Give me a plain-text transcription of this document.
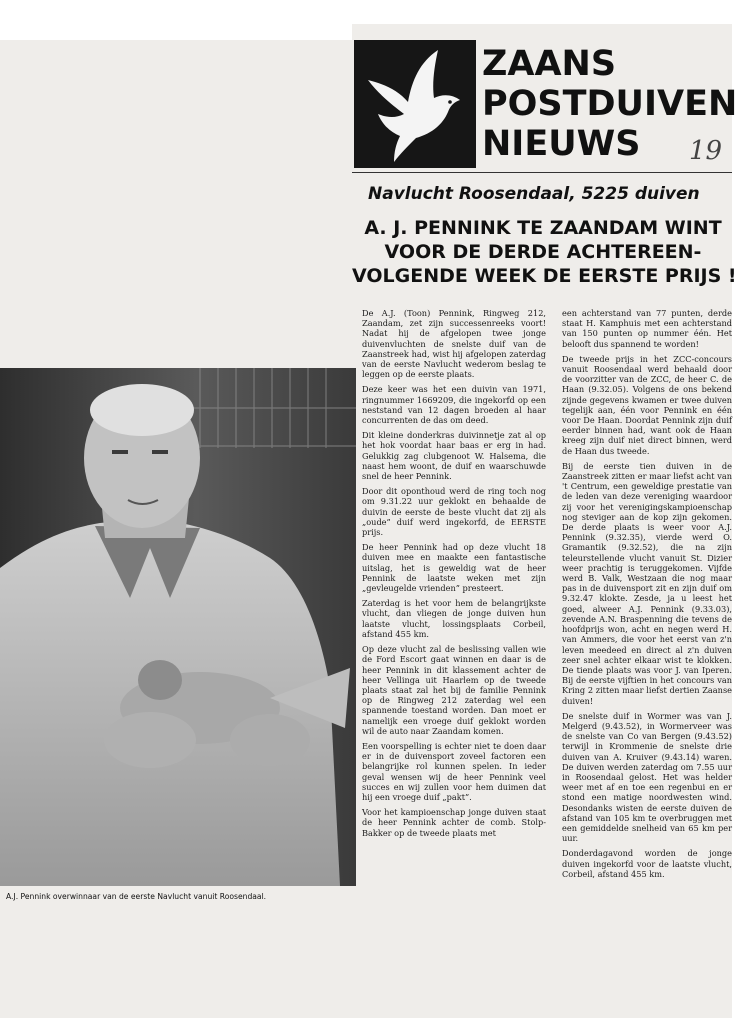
ZAANS
POSTDUIVEN
NIEUWS	19
Navlucht Roosendaal, 5225 duiven
A. J. PENNINK TE ZAANDAM WINT
VOOR DE DERDE ACHTEREEN-
VOLGENDE WEEK DE EERSTE PRIJS !
A.J. Pennink overwinnaar van de eerste Navlucht vanuit Roosendaal.

De A.J. (Toon) Pennink, Ringweg 212, Zaandam, zet zijn successenreeks voort! Nadat hij de afgelopen twee jonge duivenvluchten de snelste duif van de Zaanstreek had, wist hij afgelopen zaterdag van de eerste Navlucht wederom beslag te leggen op de eerste plaats.

Deze keer was het een duivin van 1971, ringnummer 1669209, die ingekorfd op een neststand van 12 dagen broeden al haar concurrenten de das om deed.

Dit kleine donderkras duivinnetje zat al op het hok voordat haar baas er erg in had. Gelukkig zag clubgenoot W. Halsema, die naast hem woont, de duif en waarschuwde snel de heer Pennink.

Door dit oponthoud werd de ring toch nog om 9.31.22 uur geklokt en behaalde de duivin de eerste de beste vlucht dat zij als „oude” duif werd ingekorfd, de EERSTE prijs.

De heer Pennink had op deze vlucht 18 duiven mee en maakte een fantastische uitslag, het is geweldig wat de heer Pennink de laatste weken met zijn „gevleugelde vrienden” presteert.

Zaterdag is het voor hem de belangrijkste vlucht, dan vliegen de jonge duiven hun laatste vlucht, lossingsplaats Corbeil, afstand 455 km.

Op deze vlucht zal de beslissing vallen wie de Ford Escort gaat winnen en daar is de heer Pennink in dit klassement achter de heer Vellinga uit Haarlem op de tweede plaats staat zal het bij de familie Pennink op de Ringweg 212 zaterdag wel een spannende toestand worden. Dan moet er namelijk een vroege duif geklokt worden wil de auto naar Zaandam komen.

Een voorspelling is echter niet te doen daar er in de duivensport zoveel factoren een belangrijke rol kunnen spelen. In ieder geval wensen wij de heer Pennink veel succes en wij zullen voor hem duimen dat hij een vroege duif „pakt”.

Voor het kampioenschap jonge duiven staat de heer Pennink achter de comb. Stolp-Bakker op de tweede plaats met

een achterstand van 77 punten, derde staat H. Kamphuis met een achterstand van 150 punten op nummer één. Het belooft dus spannend te worden!

De tweede prijs in het ZCC-concours vanuit Roosendaal werd behaald door de voorzitter van de ZCC, de heer C. de Haan (9.32.05). Volgens de ons bekend zijnde gegevens kwamen er twee duiven tegelijk aan, één voor Pennink en één voor De Haan. Doordat Pennink zijn duif eerder binnen had, want ook de Haan kreeg zijn duif niet direct binnen, werd de Haan dus tweede.

Bij de eerste tien duiven in de Zaanstreek zitten er maar liefst acht van 't Centrum, een geweldige prestatie van de leden van deze vereniging waardoor zij voor het verenigingskampioenschap nog steviger aan de kop zijn gekomen. De derde plaats is weer voor A.J. Pennink (9.32.35), vierde werd O. Gramantik (9.32.52), die na zijn teleurstellende vlucht vanuit St. Dizier weer prachtig is teruggekomen. Vijfde werd B. Valk, Westzaan die nog maar pas in de duivensport zit en zijn duif om 9.32.47 klokte. Zesde, ja u leest het goed, alweer A.J. Pennink (9.33.03), zevende A.N. Braspenning die tevens de hoofdprijs won, acht en negen werd H. van Ammers, die voor het eerst van z'n leven meedeed en direct al z'n duiven zeer snel achter elkaar wist te klokken. De tiende plaats was voor J. van Iperen. Bij de eerste vijftien in het concours van Kring 2 zitten maar liefst dertien Zaanse duiven!

De snelste duif in Wormer was van J. Melgerd (9.43.52), in Wormerveer was de snelste van Co van Bergen (9.43.52) terwijl in Krommenie de snelste drie duiven van A. Kruiver (9.43.14) waren. De duiven werden zaterdag om 7.55 uur in Roosendaal gelost. Het was helder weer met af en toe een regenbui en er stond een matige noordwesten wind. Desondanks wisten de eerste duiven de afstand van 105 km te overbruggen met een gemiddelde snelheid van 65 km per uur.

Donderdagavond worden de jonge duiven ingekorfd voor de laatste vlucht, Corbeil, afstand 455 km.
